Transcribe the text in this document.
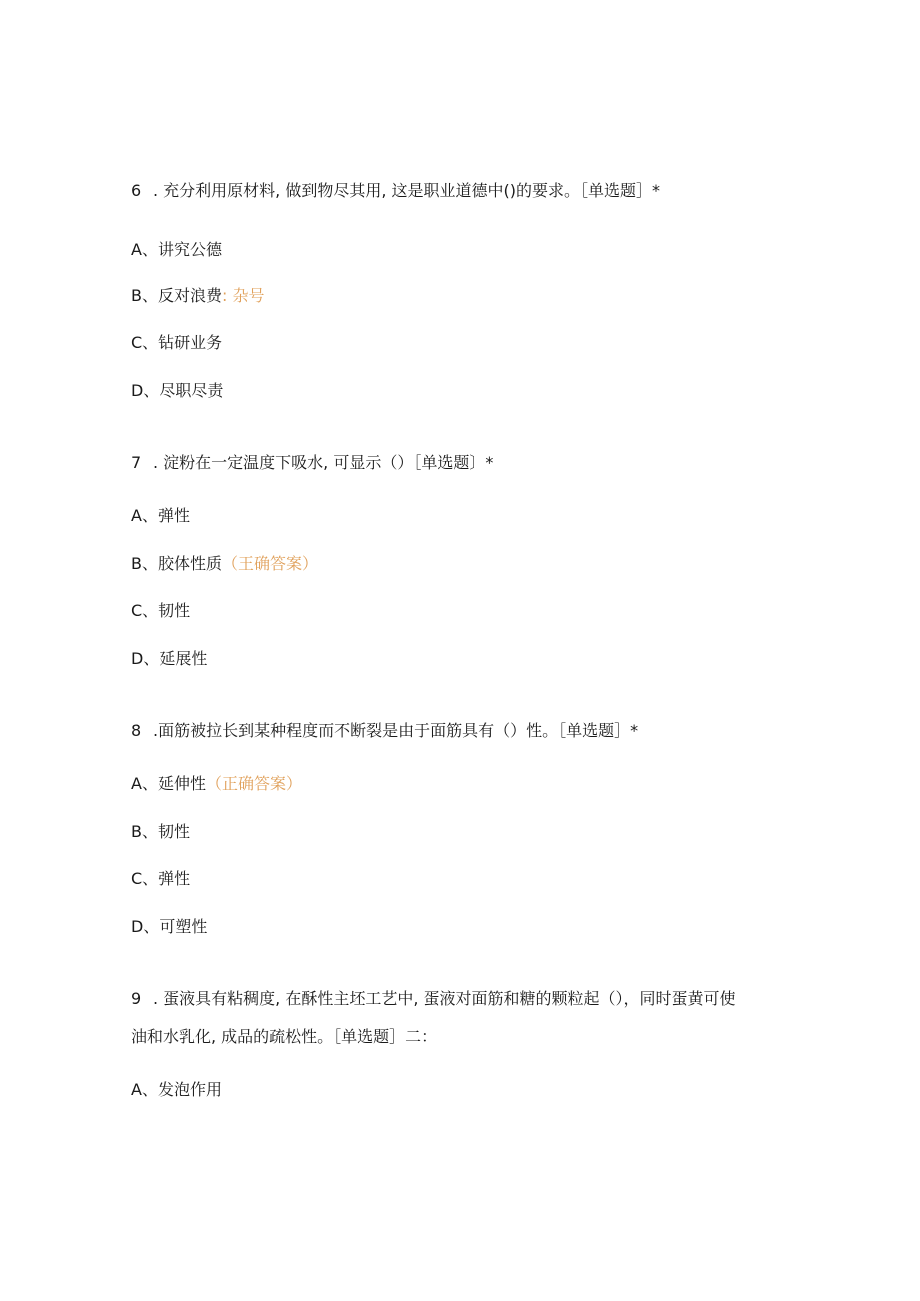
6 . 充分利用原材料, 做到物尽其用, 这是职业道德中()的要求。［单选题］*
A、讲究公德
B、反对浪费: 杂号
C、钻研业务
D、尽职尽责
7 . 淀粉在一定温度下吸水, 可显示（）［单选题〕*
A、弹性
B、胶体性质（王确答案）
C、韧性
D、延展性
8 .面筋被拉长到某种程度而不断裂是由于面筋具有（）性。［单选题］*
A、延伸性（正确答案）
B、韧性
C、弹性
D、可塑性
9 . 蛋液具有粘稠度, 在酥性主坯工艺中, 蛋液对面筋和糖的颗粒起（），同时蛋黄可使
油和水乳化, 成品的疏松性。［单选题］二：
A、发泡作用
